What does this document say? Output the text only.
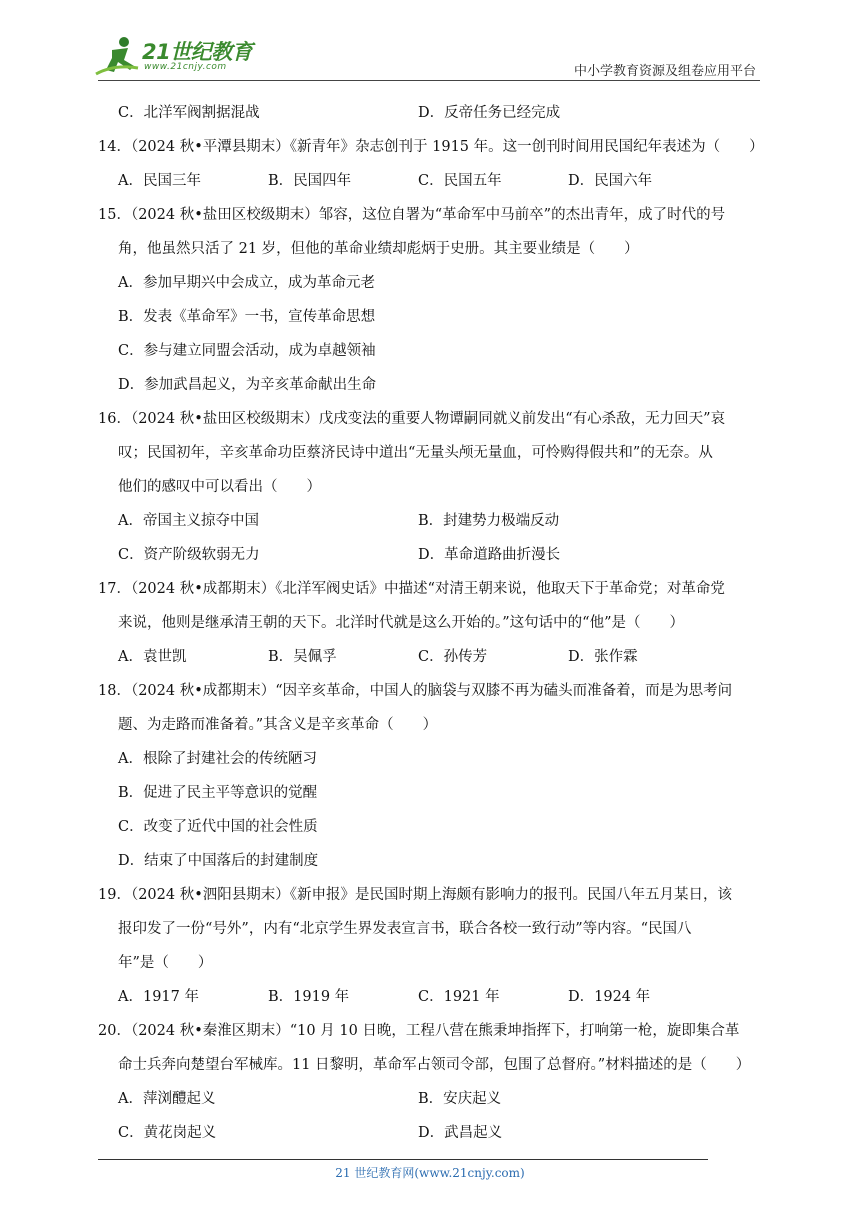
21世纪教育
www.21cnjy.com	中小学教育资源及组卷应用平台
C．北洋军阀割据混战	D．反帝任务已经完成
14．（2024 秋•平潭县期末）《新青年》杂志创刊于 1915 年。这一创刊时间用民国纪年表述为（　　）
A．民国三年	B．民国四年	C．民国五年	D．民国六年
15．（2024 秋•盐田区校级期末）邹容，这位自署为“革命军中马前卒”的杰出青年，成了时代的号
角，他虽然只活了 21 岁，但他的革命业绩却彪炳于史册。其主要业绩是（　　）
A．参加早期兴中会成立，成为革命元老
B．发表《革命军》一书，宣传革命思想
C．参与建立同盟会活动，成为卓越领袖
D．参加武昌起义，为辛亥革命献出生命
16．（2024 秋•盐田区校级期末）戊戌变法的重要人物谭嗣同就义前发出“有心杀敌，无力回天”哀
叹；民国初年，辛亥革命功臣蔡济民诗中道出“无量头颅无量血，可怜购得假共和”的无奈。从
他们的感叹中可以看出（　　）
A．帝国主义掠夺中国	B．封建势力极端反动
C．资产阶级软弱无力	D．革命道路曲折漫长
17．（2024 秋•成都期末）《北洋军阀史话》中描述“对清王朝来说，他取天下于革命党；对革命党
来说，他则是继承清王朝的天下。北洋时代就是这么开始的。”这句话中的“他”是（　　）
A．袁世凯	B．吴佩孚	C．孙传芳	D．张作霖
18．（2024 秋•成都期末）“因辛亥革命，中国人的脑袋与双膝不再为磕头而准备着，而是为思考问
题、为走路而准备着。”其含义是辛亥革命（　　）
A．根除了封建社会的传统陋习
B．促进了民主平等意识的觉醒
C．改变了近代中国的社会性质
D．结束了中国落后的封建制度
19．（2024 秋•泗阳县期末）《新申报》是民国时期上海颇有影响力的报刊。民国八年五月某日，该
报印发了一份“号外”，内有“北京学生界发表宣言书，联合各校一致行动”等内容。“民国八
年”是（　　）
A．1917 年	B．1919 年	C．1921 年	D．1924 年
20．（2024 秋•秦淮区期末）“10 月 10 日晚，工程八营在熊秉坤指挥下，打响第一枪，旋即集合革
命士兵奔向楚望台军械库。11 日黎明，革命军占领司令部，包围了总督府。”材料描述的是（　　）
A．萍浏醴起义	B．安庆起义
C．黄花岗起义	D．武昌起义
21 世纪教育网(www.21cnjy.com)
